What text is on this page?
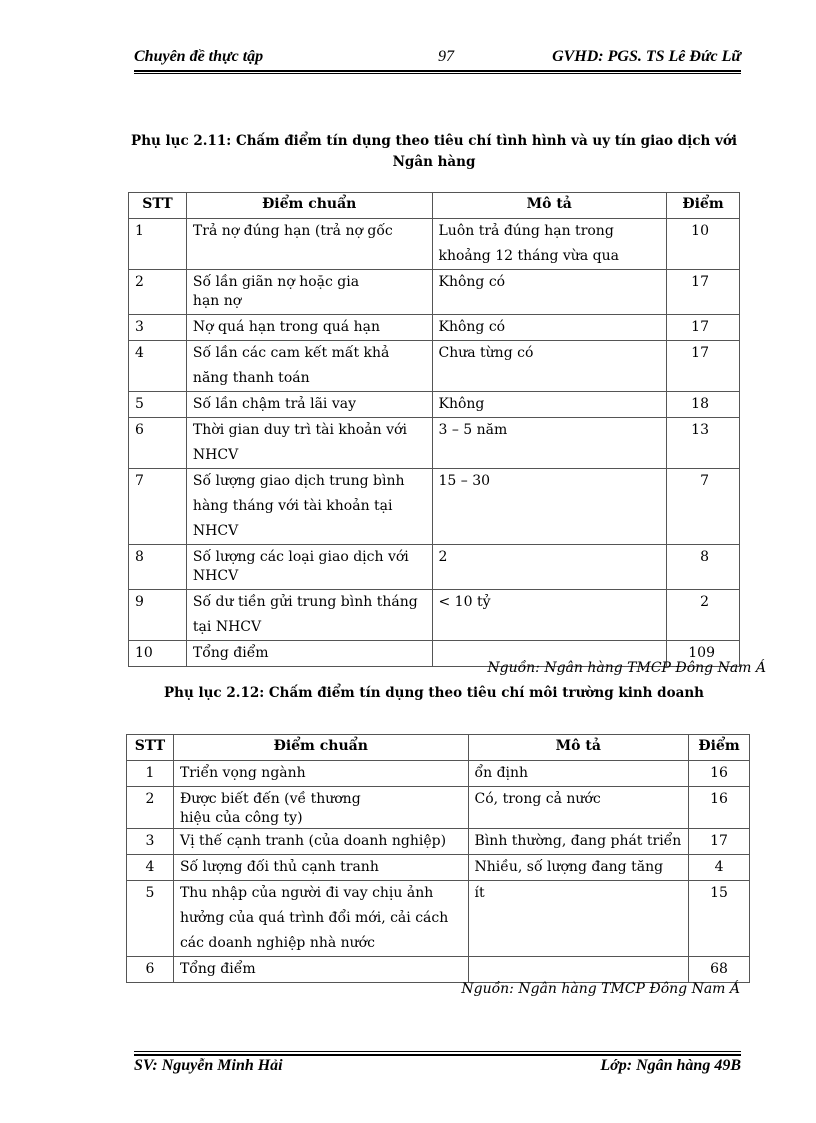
Chuyên đề thực tập	97	GVHD: PGS. TS Lê Đức Lữ
Phụ lục 2.11: Chấm điểm tín dụng theo tiêu chí tình hình và uy tín giao dịch với Ngân hàng
STT	Điểm chuẩn	Mô tả	Điểm
1	Trả nợ đúng hạn (trả nợ gốc	Luôn trả đúng hạn trong khoảng 12 tháng vừa qua	10
2	Số lần giãn nợ hoặc gia hạn nợ	Không có	17
3	Nợ quá hạn trong quá hạn	Không có	17
4	Số lần các cam kết mất khả năng thanh toán	Chưa từng có	17
5	Số lần chậm trả lãi vay	Không	18
6	Thời gian duy trì tài khoản với NHCV	3 – 5 năm	13
7	Số lượng giao dịch trung bình hàng tháng với tài khoản tại NHCV	15 – 30	7
8	Số lượng các loại giao dịch với NHCV	2	8
9	Số dư tiền gửi trung bình tháng tại NHCV	< 10 tỷ	2
10	Tổng điểm		109
Nguồn: Ngân hàng TMCP Đông Nam Á
Phụ lục 2.12: Chấm điểm tín dụng theo tiêu chí môi trường kinh doanh
STT	Điểm chuẩn	Mô tả	Điểm
1	Triển vọng ngành	ổn định	16
2	Được biết đến (về thương hiệu của công ty)	Có, trong cả nước	16
3	Vị thế cạnh tranh (của doanh nghiệp)	Bình thường, đang phát triển	17
4	Số lượng đối thủ cạnh tranh	Nhiều, số lượng đang tăng	4
5	Thu nhập của người đi vay chịu ảnh hưởng của quá trình đổi mới, cải cách các doanh nghiệp nhà nước	ít	15
6	Tổng điểm		68
Nguồn: Ngân hàng TMCP Đông Nam Á
SV: Nguyễn Minh Hải	Lớp: Ngân hàng 49B
